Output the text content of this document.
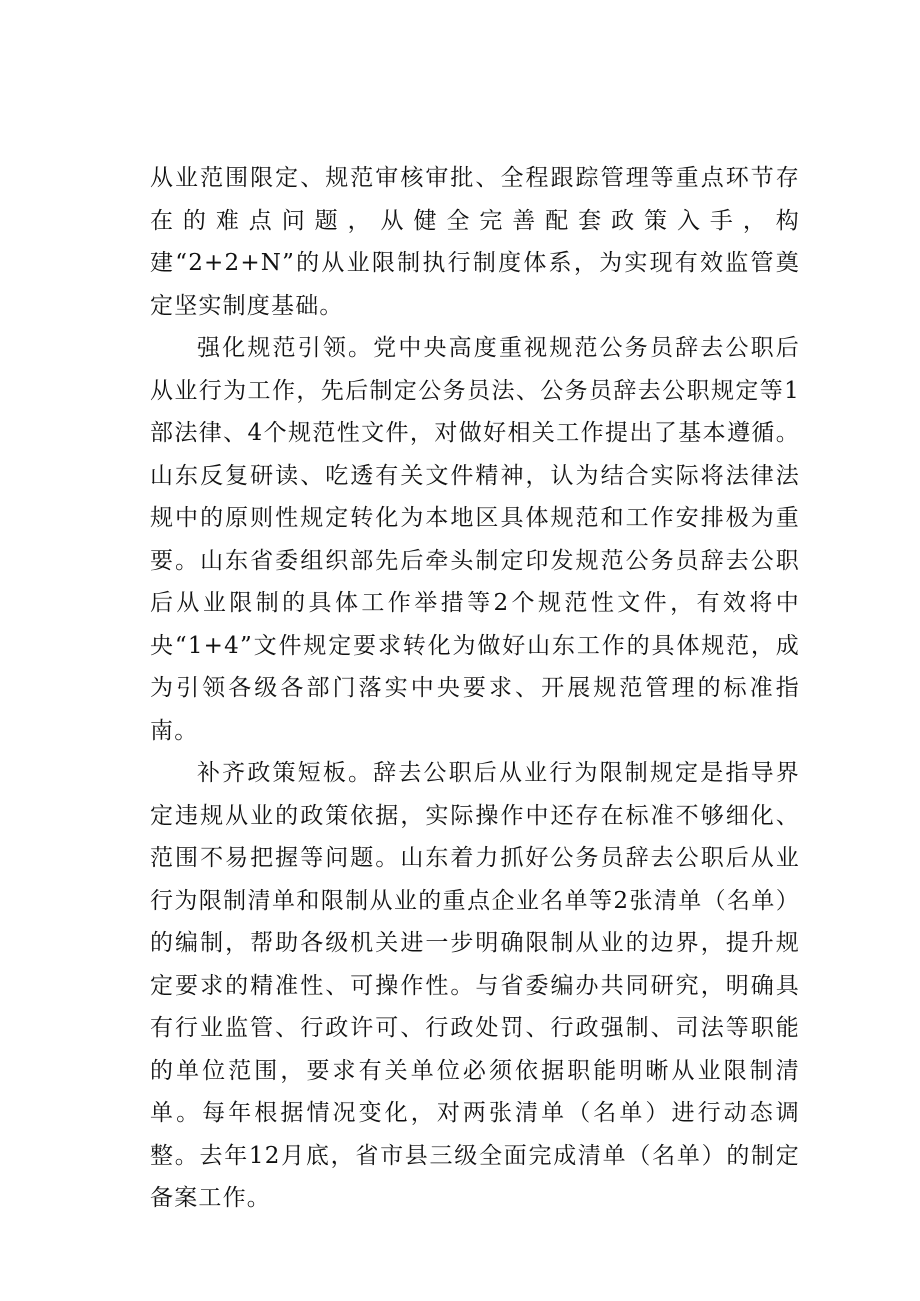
从业范围限定、规范审核审批、全程跟踪管理等重点环节存在的难点问题，从健全完善配套政策入手，构建“2+2+N”的从业限制执行制度体系，为实现有效监管奠定坚实制度基础。

强化规范引领。党中央高度重视规范公务员辞去公职后从业行为工作，先后制定公务员法、公务员辞去公职规定等1部法律、4个规范性文件，对做好相关工作提出了基本遵循。山东反复研读、吃透有关文件精神，认为结合实际将法律法规中的原则性规定转化为本地区具体规范和工作安排极为重要。山东省委组织部先后牵头制定印发规范公务员辞去公职后从业限制的具体工作举措等2个规范性文件，有效将中央“1+4”文件规定要求转化为做好山东工作的具体规范，成为引领各级各部门落实中央要求、开展规范管理的标准指南。

补齐政策短板。辞去公职后从业行为限制规定是指导界定违规从业的政策依据，实际操作中还存在标准不够细化、范围不易把握等问题。山东着力抓好公务员辞去公职后从业行为限制清单和限制从业的重点企业名单等2张清单（名单）的编制，帮助各级机关进一步明确限制从业的边界，提升规定要求的精准性、可操作性。与省委编办共同研究，明确具有行业监管、行政许可、行政处罚、行政强制、司法等职能的单位范围，要求有关单位必须依据职能明晰从业限制清单。每年根据情况变化，对两张清单（名单）进行动态调整。去年12月底，省市县三级全面完成清单（名单）的制定备案工作。
